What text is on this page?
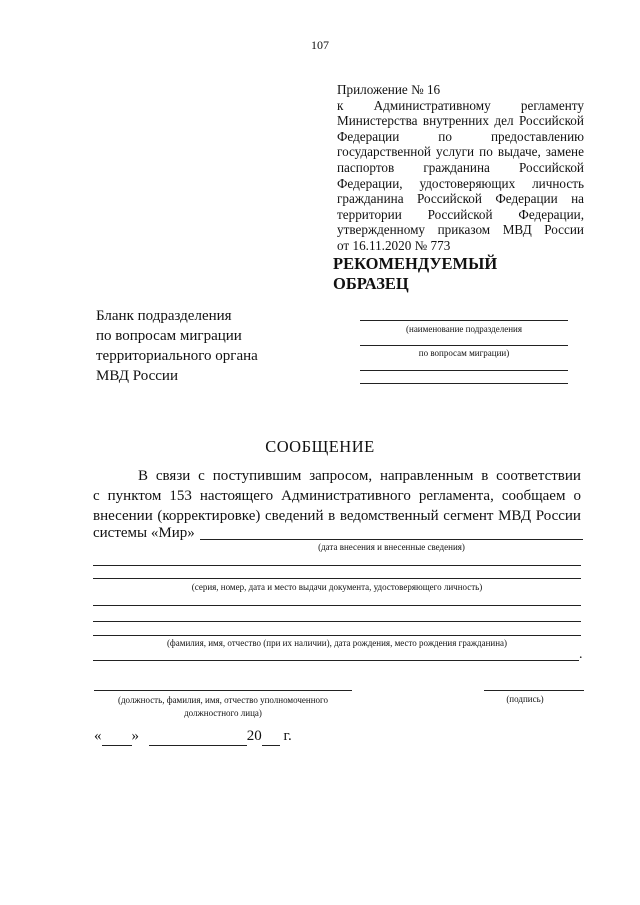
107
Приложение № 16
к Административному регламенту
Министерства внутренних дел Российской
Федерации	по	предоставлению
государственной услуги по выдаче, замене
паспортов гражданина Российской
Федерации, удостоверяющих личность
гражданина Российской Федерации на
территории Российской Федерации,
утвержденному приказом МВД России
от 16.11.2020 № 773
РЕКОМЕНДУЕМЫЙ
ОБРАЗЕЦ
Бланк подразделения
по вопросам миграции
территориального органа
МВД России
(наименование подразделения
по вопросам миграции)
СООБЩЕНИЕ
В связи с поступившим запросом, направленным в соответствии
с пунктом 153 настоящего Административного регламента, сообщаем о
внесении (корректировке) сведений в ведомственный сегмент МВД России
системы «Мир»
(дата внесения и внесенные сведения)
(серия, номер, дата и место выдачи документа, удостоверяющего личность)
(фамилия, имя, отчество (при их наличии), дата рождения, место рождения гражданина)
.
(должность, фамилия, имя, отчество уполномоченного
должностного лица)
(подпись)
« »	20 г.
